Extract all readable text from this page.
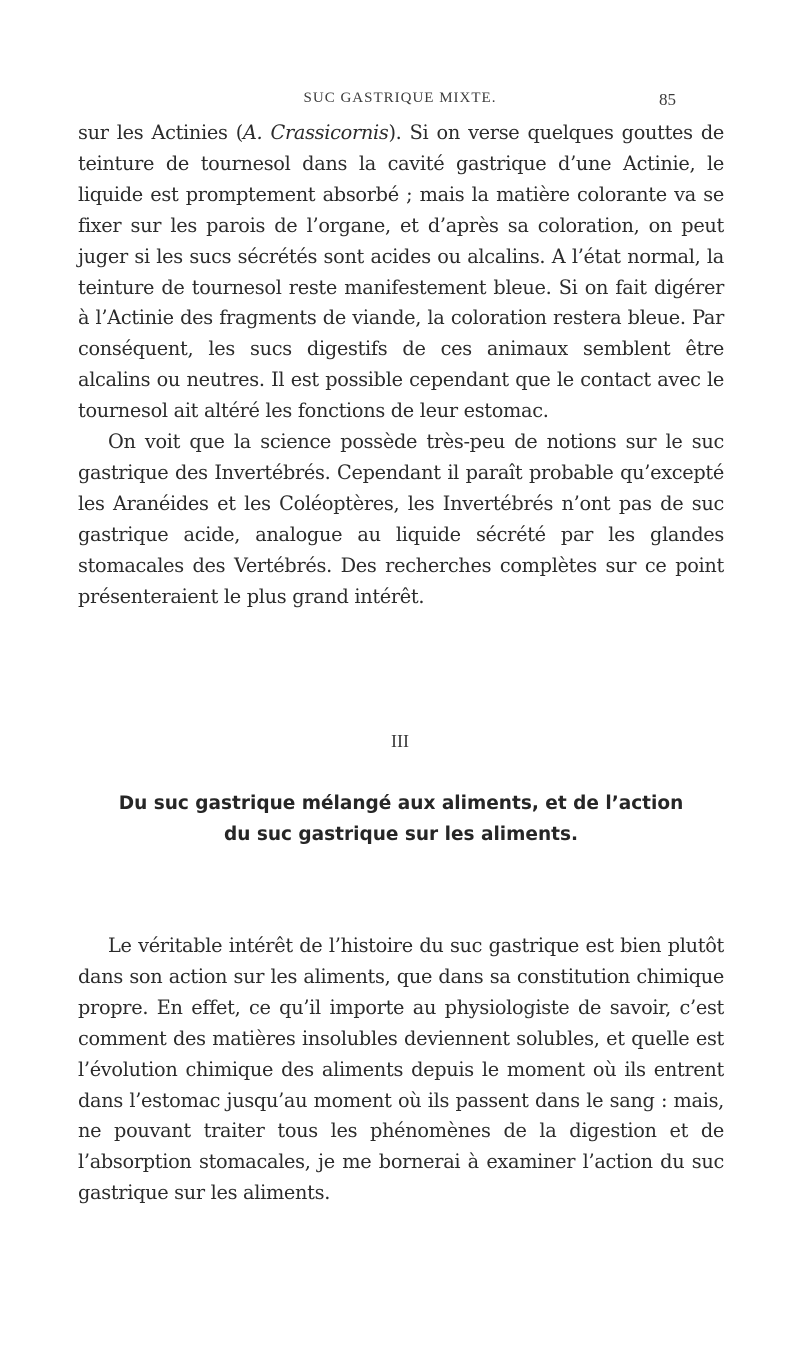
SUC GASTRIQUE MIXTE.	85

sur les Actinies (A. Crassicornis). Si on verse quelques gouttes de teinture de tournesol dans la cavité gastrique d’une Actinie, le liquide est promptement absorbé ; mais la matière colorante va se fixer sur les parois de l’organe, et d’après sa coloration, on peut juger si les sucs sécrétés sont acides ou alcalins. A l’état normal, la teinture de tournesol reste manifestement bleue. Si on fait digérer à l’Actinie des fragments de viande, la coloration restera bleue. Par conséquent, les sucs digestifs de ces animaux semblent être alcalins ou neutres. Il est possible cependant que le contact avec le tournesol ait altéré les fonctions de leur estomac.

On voit que la science possède très-peu de notions sur le suc gastrique des Invertébrés. Cependant il paraît probable qu’excepté les Aranéides et les Coléoptères, les Invertébrés n’ont pas de suc gastrique acide, analogue au liquide sécrété par les glandes stomacales des Vertébrés. Des recherches complètes sur ce point présenteraient le plus grand intérêt.

III
Du suc gastrique mélangé aux aliments, et de l’action
du suc gastrique sur les aliments.

Le véritable intérêt de l’histoire du suc gastrique est bien plutôt dans son action sur les aliments, que dans sa constitution chimique propre. En effet, ce qu’il importe au physiologiste de savoir, c’est comment des matières insolubles deviennent solubles, et quelle est l’évolution chimique des aliments depuis le moment où ils entrent dans l’estomac jusqu’au moment où ils passent dans le sang : mais, ne pouvant traiter tous les phénomènes de la digestion et de l’absorption stomacales, je me bornerai à examiner l’action du suc gastrique sur les aliments.
